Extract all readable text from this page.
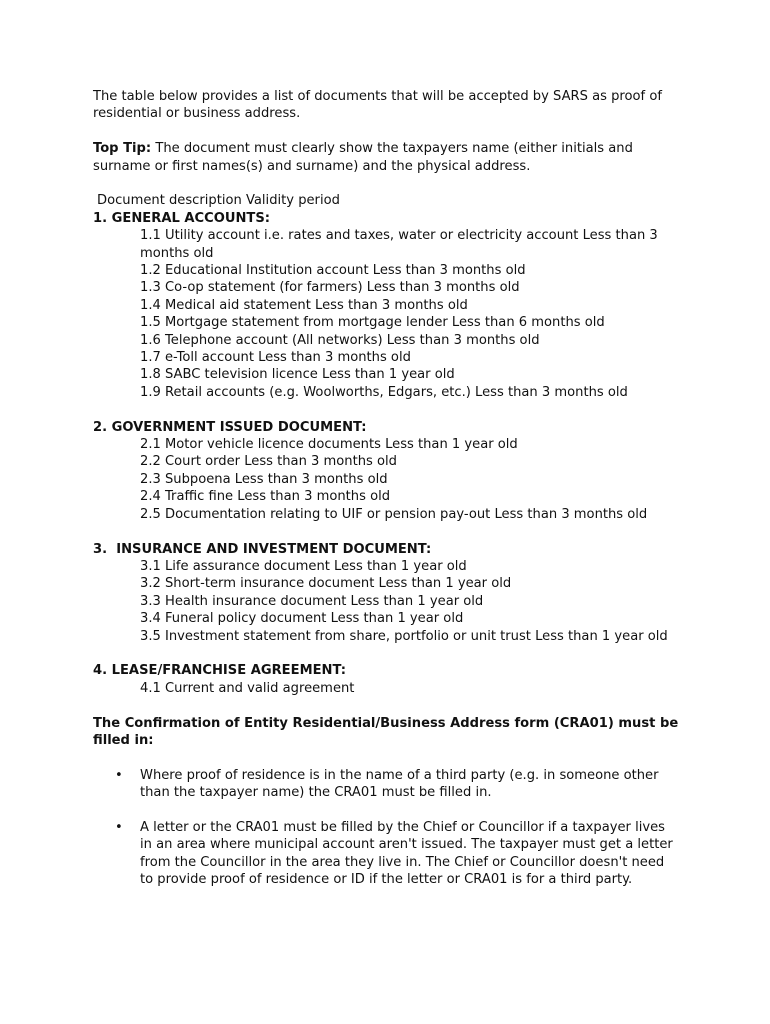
The table below provides a list of documents that will be accepted by SARS as proof of residential or business address.

Top Tip: The document must clearly show the taxpayers name (either initials and surname or first names(s) and surname) and the physical address.

Document description Validity period

1. GENERAL ACCOUNTS:

1.1 Utility account i.e. rates and taxes, water or electricity account Less than 3 months old
1.2 Educational Institution account Less than 3 months old
1.3 Co-op statement (for farmers) Less than 3 months old
1.4 Medical aid statement Less than 3 months old
1.5 Mortgage statement from mortgage lender Less than 6 months old
1.6 Telephone account (All networks) Less than 3 months old
1.7 e-Toll account Less than 3 months old
1.8 SABC television licence Less than 1 year old
1.9 Retail accounts (e.g. Woolworths, Edgars, etc.) Less than 3 months old

2. GOVERNMENT ISSUED DOCUMENT:

2.1 Motor vehicle licence documents Less than 1 year old
2.2 Court order Less than 3 months old
2.3 Subpoena Less than 3 months old
2.4 Traffic fine Less than 3 months old
2.5 Documentation relating to UIF or pension pay-out Less than 3 months old

3.  INSURANCE AND INVESTMENT DOCUMENT:

3.1 Life assurance document Less than 1 year old
3.2 Short-term insurance document Less than 1 year old
3.3 Health insurance document Less than 1 year old
3.4 Funeral policy document Less than 1 year old
3.5 Investment statement from share, portfolio or unit trust Less than 1 year old

4. LEASE/FRANCHISE AGREEMENT:

4.1 Current and valid agreement

The Confirmation of Entity Residential/Business Address form (CRA01) must be filled in:

• Where proof of residence is in the name of a third party (e.g. in someone other than the taxpayer name) the CRA01 must be filled in.
• A letter or the CRA01 must be filled by the Chief or Councillor if a taxpayer lives in an area where municipal account aren't issued. The taxpayer must get a letter from the Councillor in the area they live in. The Chief or Councillor doesn't need to provide proof of residence or ID if the letter or CRA01 is for a third party.
